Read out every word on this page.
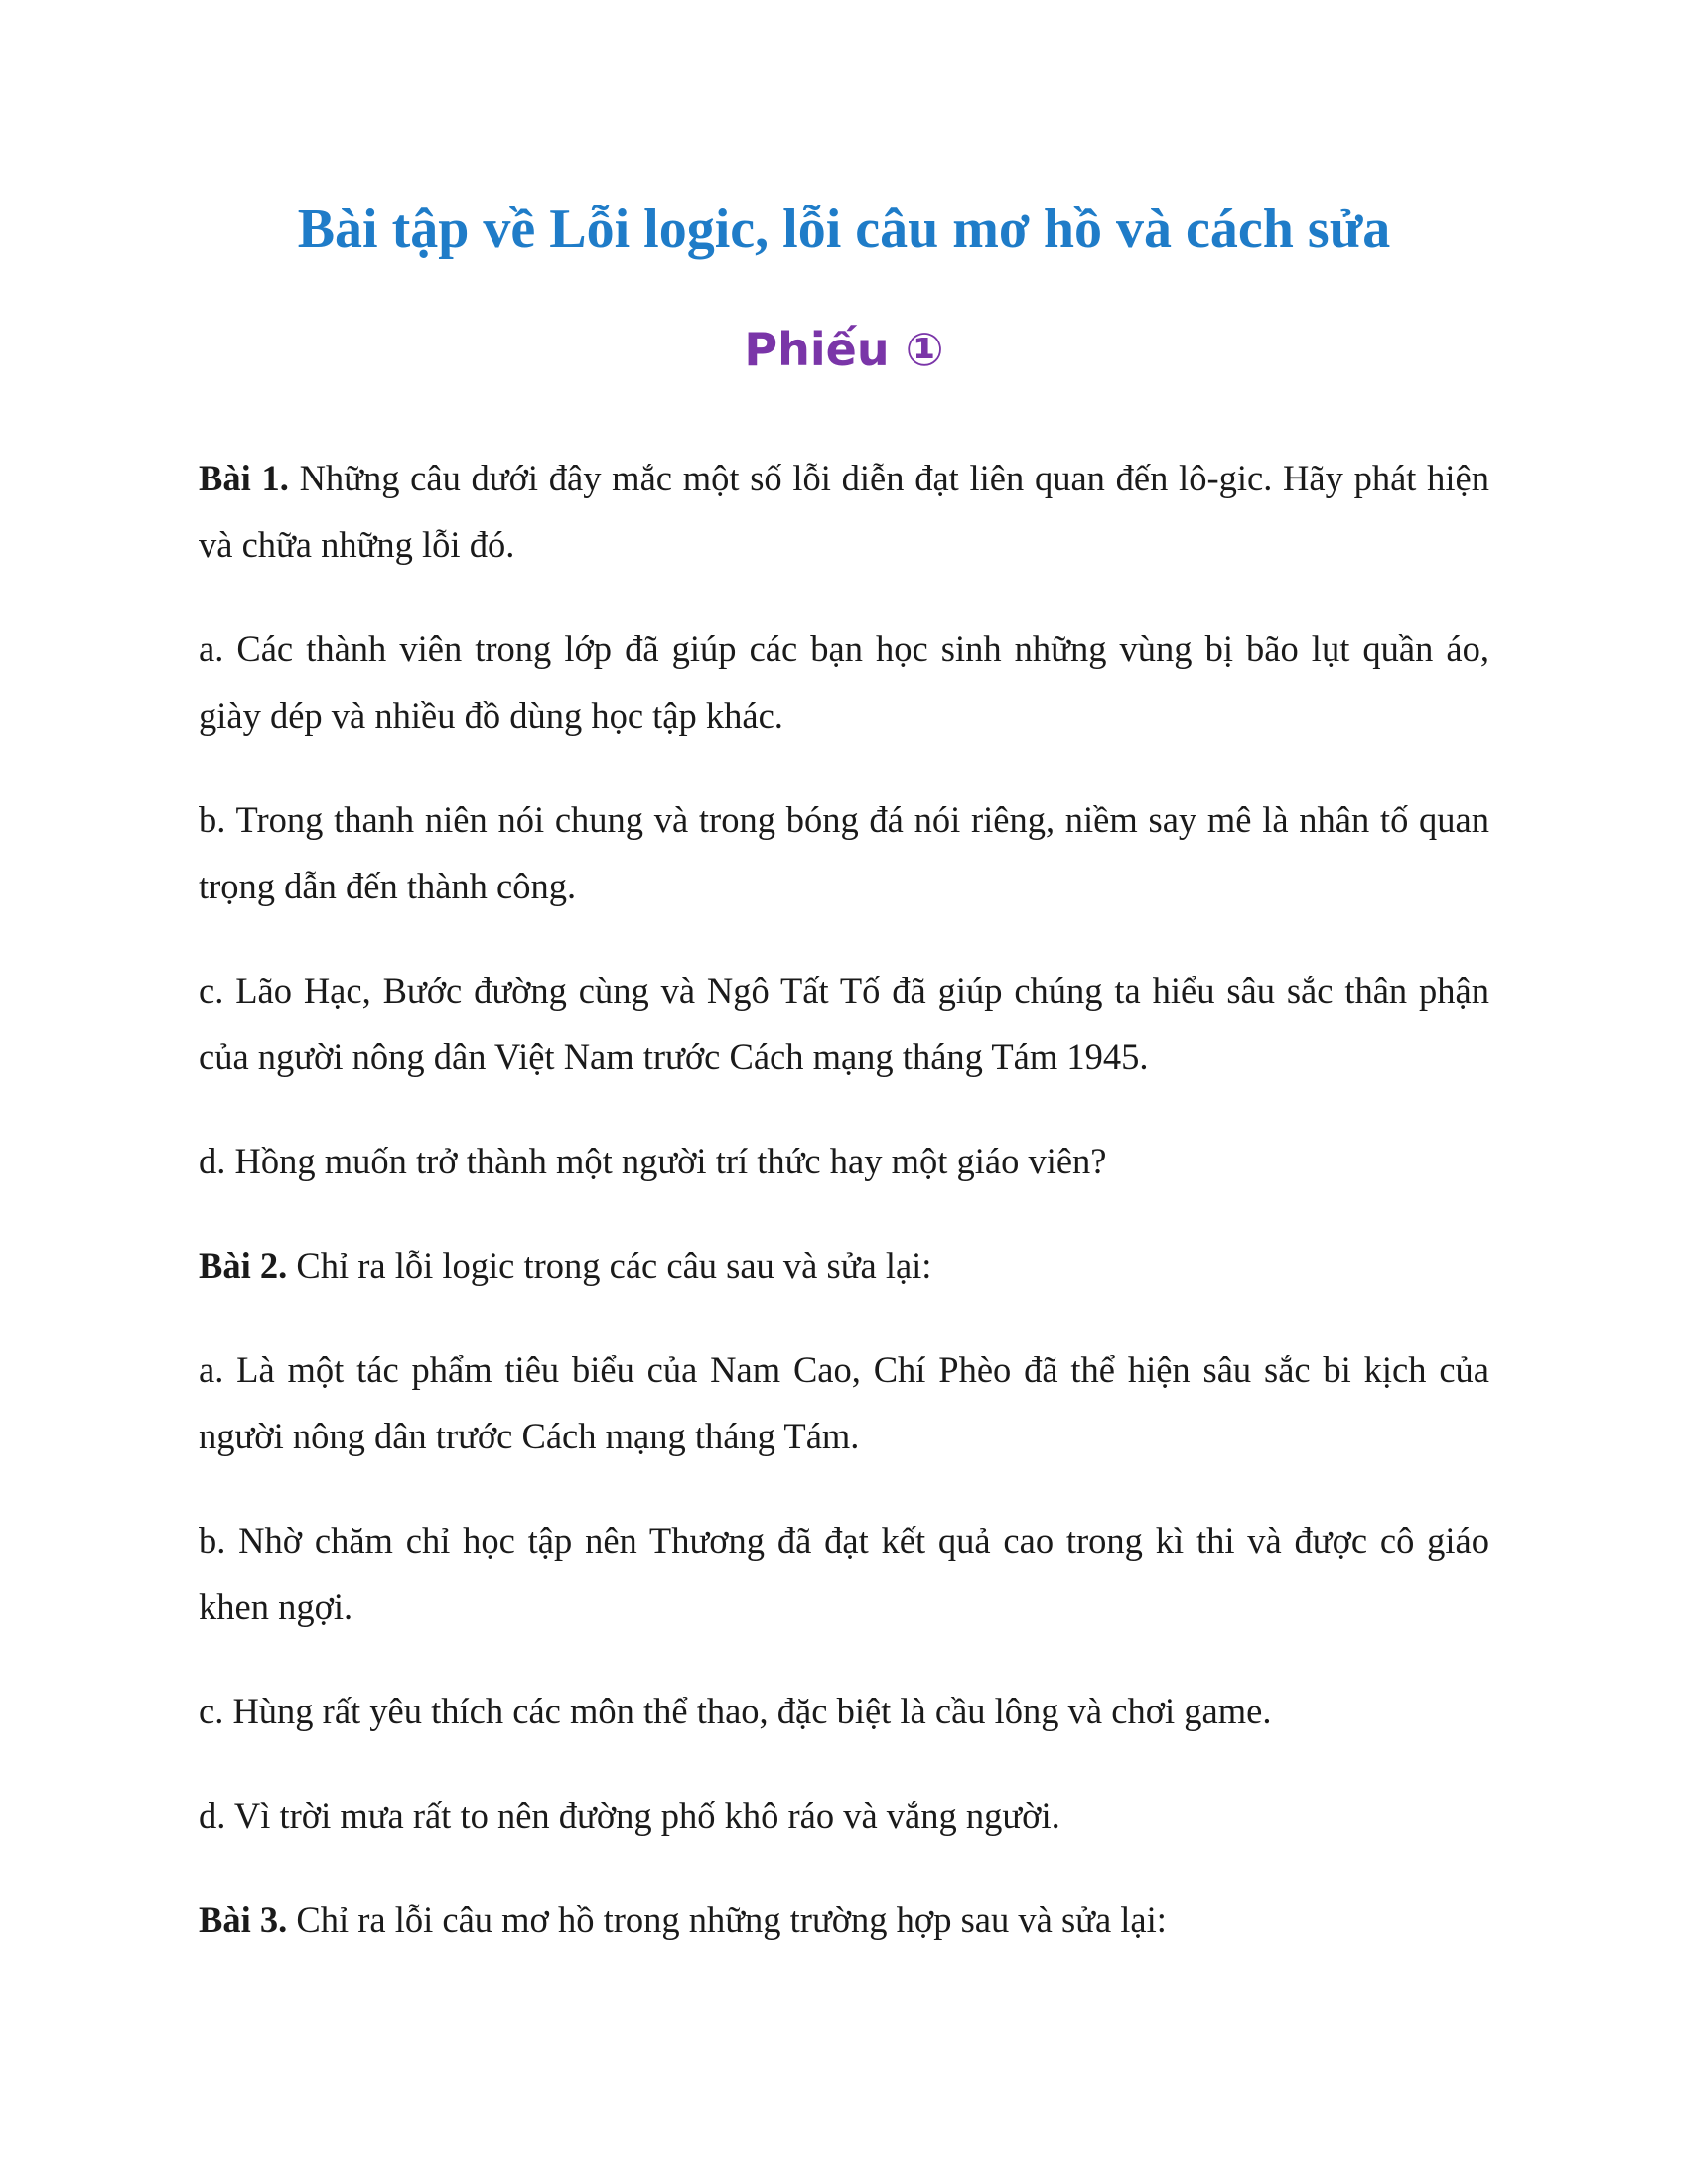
Bài tập về Lỗi logic, lỗi câu mơ hồ và cách sửa
Phiếu ①

Bài 1. Những câu dưới đây mắc một số lỗi diễn đạt liên quan đến lô-gic. Hãy phát hiện và chữa những lỗi đó.

a. Các thành viên trong lớp đã giúp các bạn học sinh những vùng bị bão lụt quần áo, giày dép và nhiều đồ dùng học tập khác.

b. Trong thanh niên nói chung và trong bóng đá nói riêng, niềm say mê là nhân tố quan trọng dẫn đến thành công.

c. Lão Hạc, Bước đường cùng và Ngô Tất Tố đã giúp chúng ta hiểu sâu sắc thân phận của người nông dân Việt Nam trước Cách mạng tháng Tám 1945.

d. Hồng muốn trở thành một người trí thức hay một giáo viên?

Bài 2. Chỉ ra lỗi logic trong các câu sau và sửa lại:

a. Là một tác phẩm tiêu biểu của Nam Cao, Chí Phèo đã thể hiện sâu sắc bi kịch của người nông dân trước Cách mạng tháng Tám.

b. Nhờ chăm chỉ học tập nên Thương đã đạt kết quả cao trong kì thi và được cô giáo khen ngợi.

c. Hùng rất yêu thích các môn thể thao, đặc biệt là cầu lông và chơi game.

d. Vì trời mưa rất to nên đường phố khô ráo và vắng người.

Bài 3. Chỉ ra lỗi câu mơ hồ trong những trường hợp sau và sửa lại:
